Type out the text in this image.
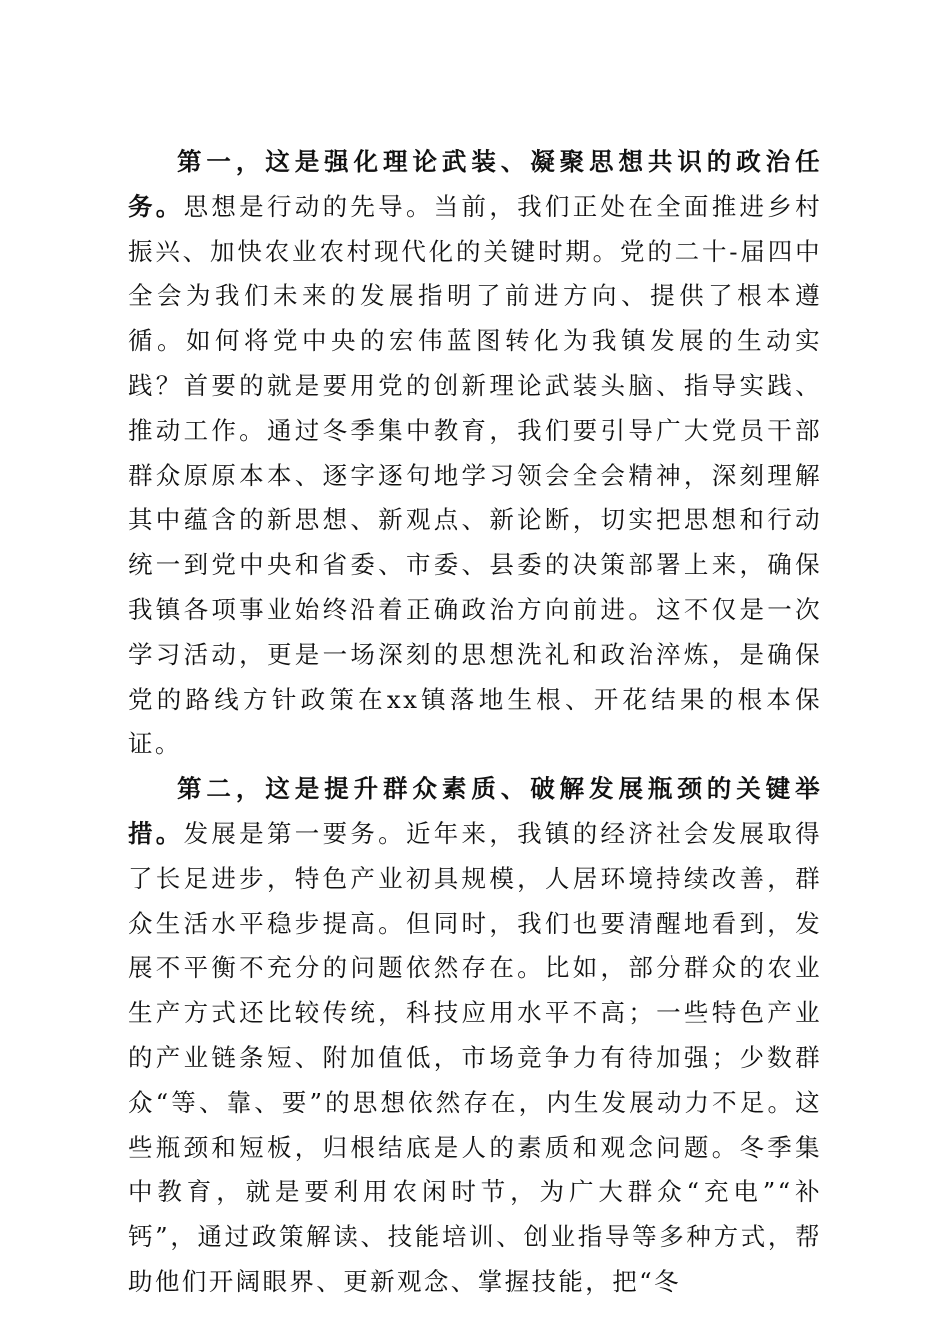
第一，这是强化理论武装、凝聚思想共识的政治任务。思想是行动的先导。当前，我们正处在全面推进乡村振兴、加快农业农村现代化的关键时期。党的二十-届四中全会为我们未来的发展指明了前进方向、提供了根本遵循。如何将党中央的宏伟蓝图转化为我镇发展的生动实践？首要的就是要用党的创新理论武装头脑、指导实践、推动工作。通过冬季集中教育，我们要引导广大党员干部群众原原本本、逐字逐句地学习领会全会精神，深刻理解其中蕴含的新思想、新观点、新论断，切实把思想和行动统一到党中央和省委、市委、县委的决策部署上来，确保我镇各项事业始终沿着正确政治方向前进。这不仅是一次学习活动，更是一场深刻的思想洗礼和政治淬炼，是确保党的路线方针政策在xx镇落地生根、开花结果的根本保证。

第二，这是提升群众素质、破解发展瓶颈的关键举措。发展是第一要务。近年来，我镇的经济社会发展取得了长足进步，特色产业初具规模，人居环境持续改善，群众生活水平稳步提高。但同时，我们也要清醒地看到，发展不平衡不充分的问题依然存在。比如，部分群众的农业生产方式还比较传统，科技应用水平不高；一些特色产业的产业链条短、附加值低，市场竞争力有待加强；少数群众“等、靠、要”的思想依然存在，内生发展动力不足。这些瓶颈和短板，归根结底是人的素质和观念问题。冬季集中教育，就是要利用农闲时节，为广大群众“充电”“补钙”，通过政策解读、技能培训、创业指导等多种方式，帮助他们开阔眼界、更新观念、掌握技能，把“冬
